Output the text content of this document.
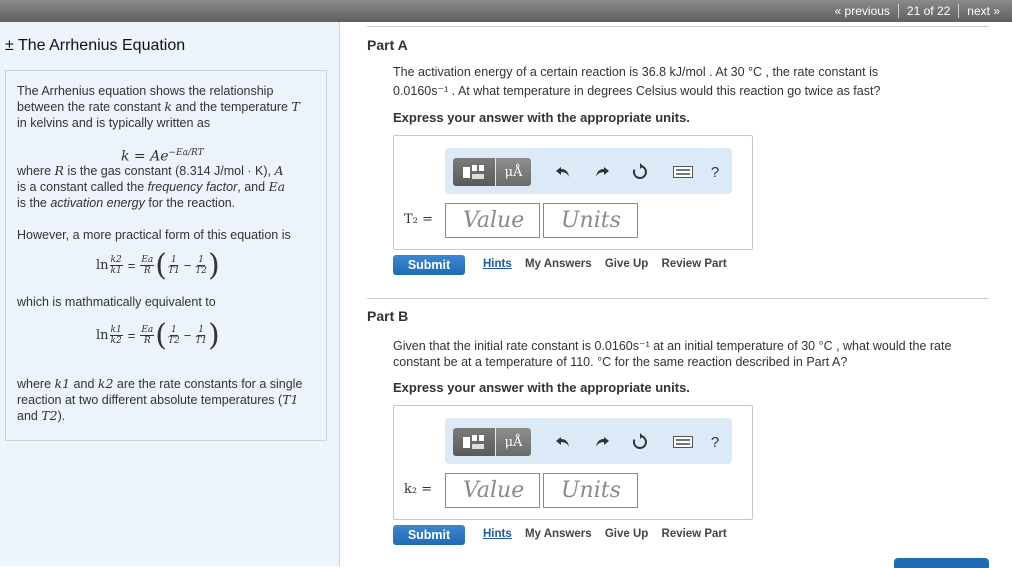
« previous	21 of 22	next »
± The Arrhenius Equation
The Arrhenius equation shows the relationship
between the rate constant k and the temperature T
in kelvins and is typically written as
$k = Ae^{-Ea/RT}$
where R is the gas constant (8.314 J/mol · K), A
is a constant called the frequency factor, and Ea
is the activation energy for the reaction.
However, a more practical form of this equation is
$\ln \frac{k2}{k1} = \frac{Ea}{R}$ ( $\frac{1}{T1} - \frac{1}{T2}$ )
which is mathmatically equivalent to
$\ln \frac{k1}{k2} = \frac{Ea}{R}$ ( $\frac{1}{T2} - \frac{1}{T1}$ )
where k1 and k2 are the rate constants for a single
reaction at two different absolute temperatures (T1
and T2).
Part A
The activation energy of a certain reaction is 36.8 kJ/mol . At 30 °C , the rate constant is
0.0160s⁻¹ . At what temperature in degrees Celsius would this reaction go twice as fast?
Express your answer with the appropriate units.
μÅ	?
T₂ =	Value	Units
Submit	Hints My Answers Give Up Review Part
Part B
Given that the initial rate constant is 0.0160s⁻¹ at an initial temperature of 30 °C , what would the rate
constant be at a temperature of 110. °C for the same reaction described in Part A?
Express your answer with the appropriate units.
μÅ	?
k₂ =	Value	Units
Submit	Hints My Answers Give Up Review Part
